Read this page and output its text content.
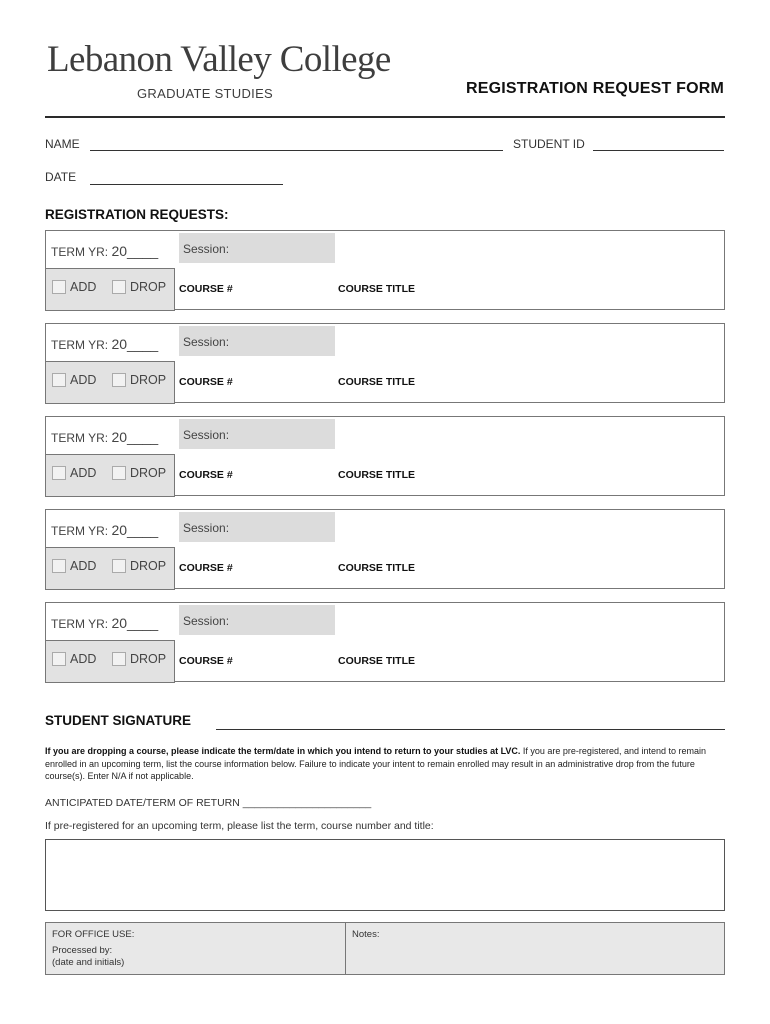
Lebanon Valley College
GRADUATE STUDIES	REGISTRATION REQUEST FORM
NAME	STUDENT ID
DATE
REGISTRATION REQUESTS:
TERM YR: 20____ Session:
ADD	DROP COURSE #	COURSE TITLE
TERM YR: 20____ Session:
ADD	DROP COURSE #	COURSE TITLE
TERM YR: 20____ Session:
ADD	DROP COURSE #	COURSE TITLE
TERM YR: 20____ Session:
ADD	DROP COURSE #	COURSE TITLE
TERM YR: 20____ Session:
ADD	DROP COURSE #	COURSE TITLE
STUDENT SIGNATURE
If you are dropping a course, please indicate the term/date in which you intend to return to your studies at LVC. If you are pre-registered, and intend to remain enrolled in an upcoming term, list the course information below. Failure to indicate your intent to remain enrolled may result in an administrative drop from the future course(s). Enter N/A if not applicable.
ANTICIPATED DATE/TERM OF RETURN ______________________
If pre-registered for an upcoming term, please list the term, course number and title:
FOR OFFICE USE:
Processed by:
(date and initials)
Notes:
